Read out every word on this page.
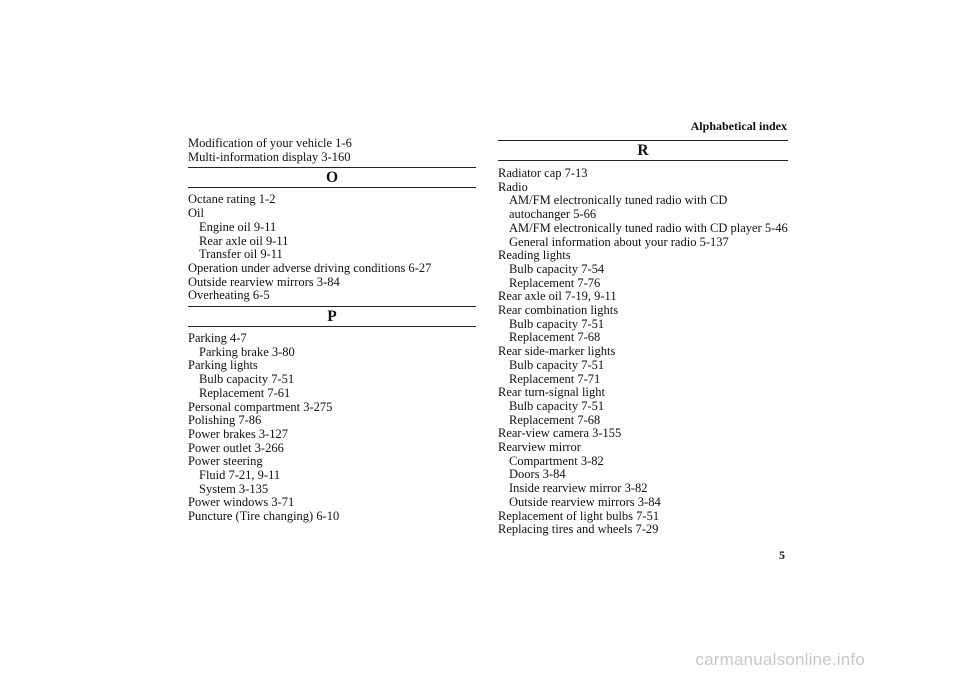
Alphabetical index
Modification of your vehicle 1-6
Multi-information display 3-160
O
Octane rating 1-2
Oil
Engine oil 9-11
Rear axle oil 9-11
Transfer oil 9-11
Operation under adverse driving conditions 6-27
Outside rearview mirrors 3-84
Overheating 6-5
P
Parking 4-7
Parking brake 3-80
Parking lights
Bulb capacity 7-51
Replacement 7-61
Personal compartment 3-275
Polishing 7-86
Power brakes 3-127
Power outlet 3-266
Power steering
Fluid 7-21, 9-11
System 3-135
Power windows 3-71
Puncture (Tire changing) 6-10
R
Radiator cap 7-13
Radio
AM/FM electronically tuned radio with CD autochanger 5-66
AM/FM electronically tuned radio with CD player 5-46
General information about your radio 5-137
Reading lights
Bulb capacity 7-54
Replacement 7-76
Rear axle oil 7-19, 9-11
Rear combination lights
Bulb capacity 7-51
Replacement 7-68
Rear side-marker lights
Bulb capacity 7-51
Replacement 7-71
Rear turn-signal light
Bulb capacity 7-51
Replacement 7-68
Rear-view camera 3-155
Rearview mirror
Compartment 3-82
Doors 3-84
Inside rearview mirror 3-82
Outside rearview mirrors 3-84
Replacement of light bulbs 7-51
Replacing tires and wheels 7-29
5
carmanualsonline.info
